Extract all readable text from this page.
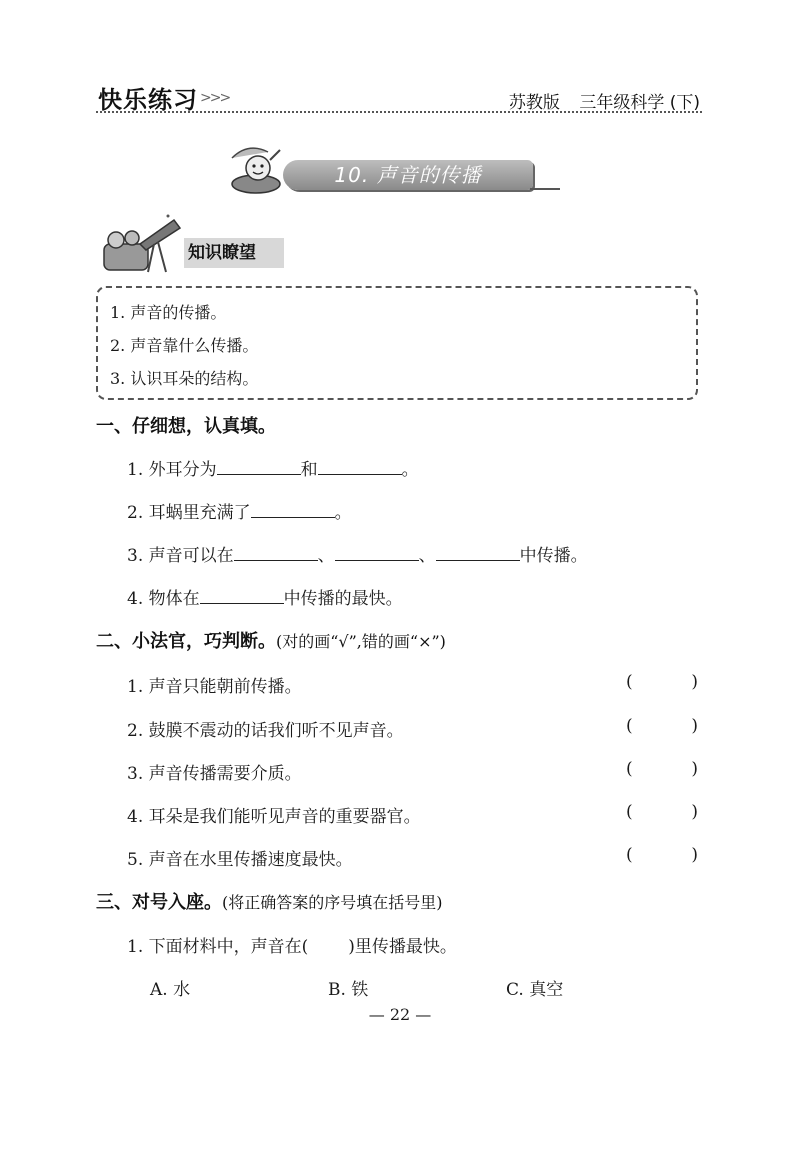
快乐练习 >>>	苏教版 三年级科学 (下)
10. 声音的传播
知识瞭望
1. 声音的传播。
2. 声音靠什么传播。
3. 认识耳朵的结构。
一、仔细想，认真填。
1. 外耳分为	和	。
2. 耳蜗里充满了	。
3. 声音可以在	、	、	中传播。
4. 物体在	中传播的最快。
二、小法官，巧判断。(对的画“√”,错的画“×”)
1. 声音只能朝前传播。	(	)
2. 鼓膜不震动的话我们听不见声音。	(	)
3. 声音传播需要介质。	(	)
4. 耳朵是我们能听见声音的重要器官。	(	)
5. 声音在水里传播速度最快。	(	)
三、对号入座。(将正确答案的序号填在括号里)
1. 下面材料中，声音在( )里传播最快。
A. 水	B. 铁	C. 真空
— 22 —
